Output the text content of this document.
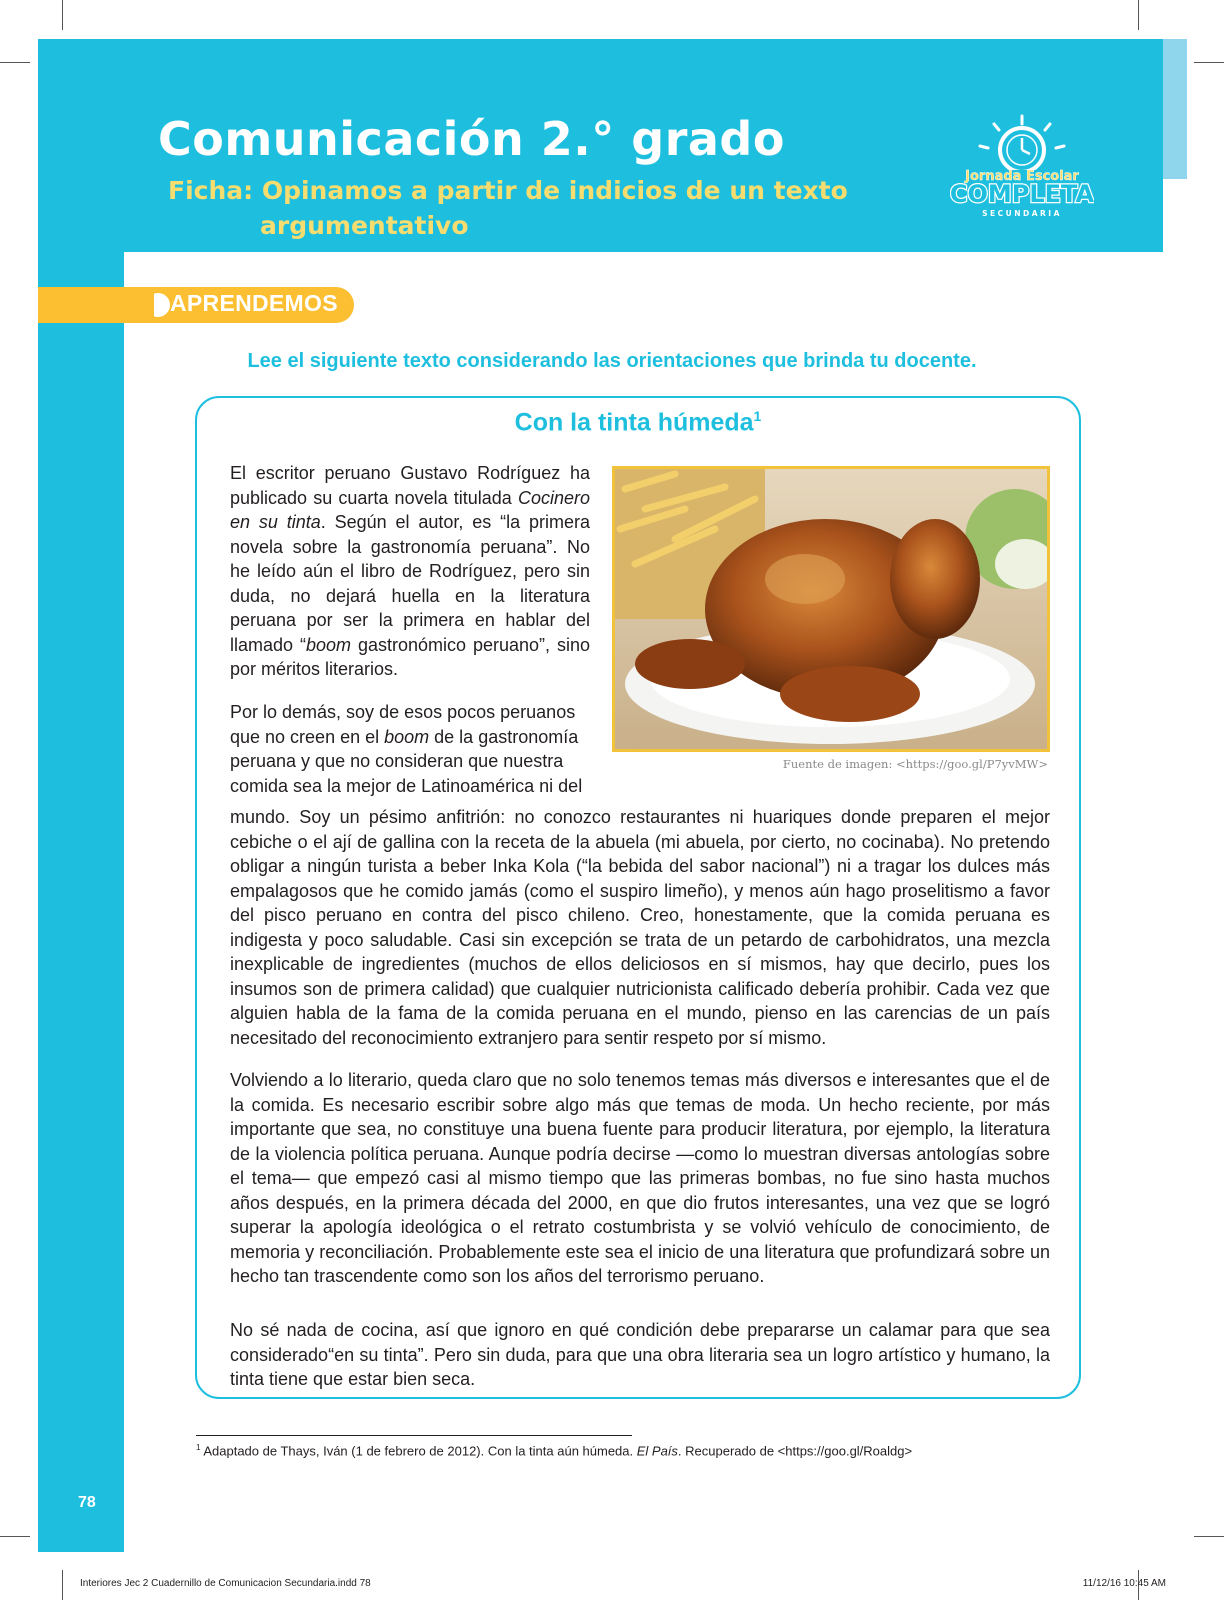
Comunicación 2.° grado
Ficha: Opinamos a partir de indicios de un texto
argumentativo
Jornada Escolar
COMPLETA
SECUNDARIA

APRENDEMOS

Lee el siguiente texto considerando las orientaciones que brinda tu docente.

Con la tinta húmeda$^1$

El escritor peruano Gustavo Rodríguez ha publicado su cuarta novela titulada Cocinero en su tinta. Según el autor, es “la primera novela sobre la gastronomía peruana”. No he leído aún el libro de Rodríguez, pero sin duda, no dejará huella en la literatura peruana por ser la primera en hablar del llamado “boom gastronómico peruano”, sino por méritos literarios.

Por lo demás, soy de esos pocos peruanos que no creen en el boom de la gastronomía peruana y que no consideran que nuestra comida sea la mejor de Latinoamérica ni del

mundo. Soy un pésimo anfitrión: no conozco restaurantes ni huariques donde preparen el mejor cebiche o el ají de gallina con la receta de la abuela (mi abuela, por cierto, no cocinaba). No pretendo obligar a ningún turista a beber Inka Kola (“la bebida del sabor nacional”) ni a tragar los dulces más empalagosos que he comido jamás (como el suspiro limeño), y menos aún hago proselitismo a favor del pisco peruano en contra del pisco chileno. Creo, honestamente, que la comida peruana es indigesta y poco saludable. Casi sin excepción se trata de un petardo de carbohidratos, una mezcla inexplicable de ingredientes (muchos de ellos deliciosos en sí mismos, hay que decirlo, pues los insumos son de primera calidad) que cualquier nutricionista calificado debería prohibir. Cada vez que alguien habla de la fama de la comida peruana en el mundo, pienso en las carencias de un país necesitado del reconocimiento extranjero para sentir respeto por sí mismo.

Volviendo a lo literario, queda claro que no solo tenemos temas más diversos e interesantes que el de la comida. Es necesario escribir sobre algo más que temas de moda. Un hecho reciente, por más importante que sea, no constituye una buena fuente para producir literatura, por ejemplo, la literatura de la violencia política peruana. Aunque podría decirse —como lo muestran diversas antologías sobre el tema— que empezó casi al mismo tiempo que las primeras bombas, no fue sino hasta muchos años después, en la primera década del 2000, en que dio frutos interesantes, una vez que se logró superar la apología ideológica o el retrato costumbrista y se volvió vehículo de conocimiento, de memoria y reconciliación. Probablemente este sea el inicio de una literatura que profundizará sobre un hecho tan trascendente como son los años del terrorismo peruano.

No sé nada de cocina, así que ignoro en qué condición debe prepararse un calamar para que sea considerado“en su tinta”. Pero sin duda, para que una obra literaria sea un logro artístico y humano, la tinta tiene que estar bien seca.

Fuente de imagen: <https://goo.gl/P7yvMW>

$^1$ Adaptado de Thays, Iván (1 de febrero de 2012). Con la tinta aún húmeda. El País. Recuperado de <https://goo.gl/Roaldg>

78

Interiores Jec 2 Cuadernillo de Comunicacion Secundaria.indd 78	11/12/16 10:45 AM
